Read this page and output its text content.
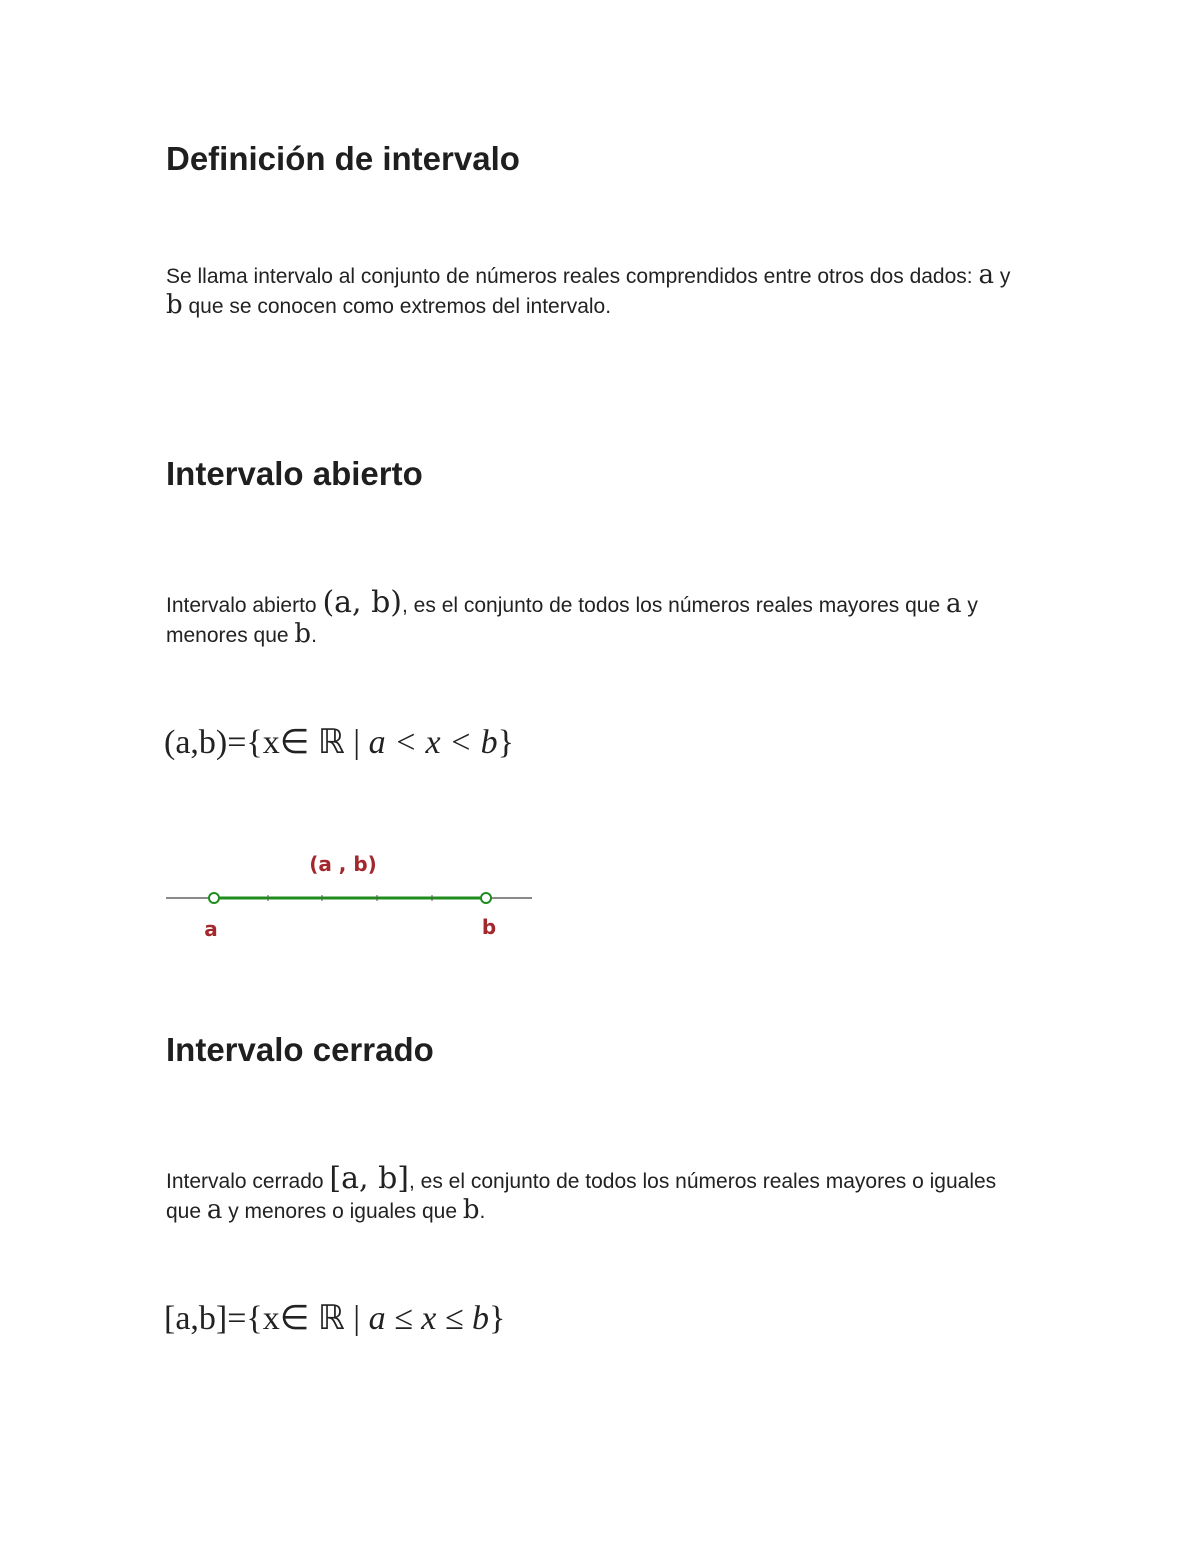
Definición de intervalo

Se llama intervalo al conjunto de números reales comprendidos entre otros dos dados: a y b que se conocen como extremos del intervalo.

Intervalo abierto

Intervalo abierto (a, b), es el conjunto de todos los números reales mayores que a y menores que b.

(a,b)={x∈ ℝ | a < x < b}

(a , b)
a	b
Intervalo cerrado

Intervalo cerrado [a, b], es el conjunto de todos los números reales mayores o iguales que a y menores o iguales que b.

[a,b]={x∈ ℝ | a ≤ x ≤ b}
